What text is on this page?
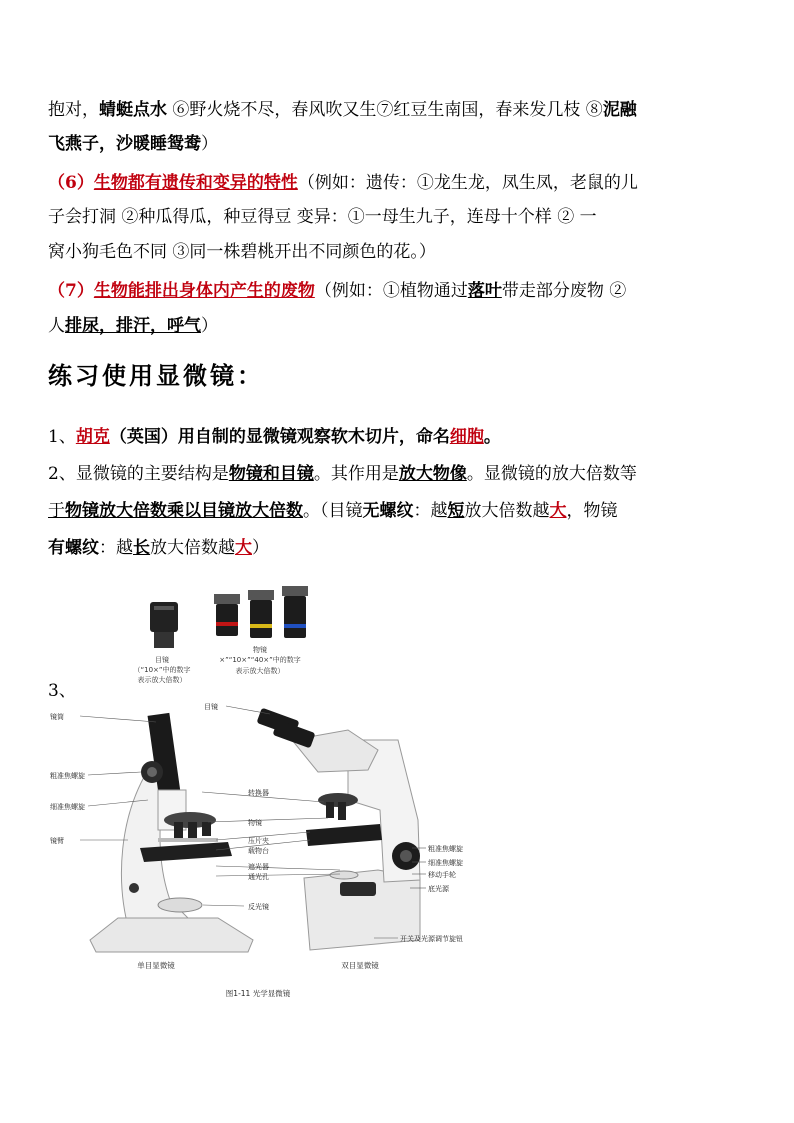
抱对，蜻蜓点水 ⑥野火烧不尽，春风吹又生⑦红豆生南国，春来发几枝 ⑧泥融
飞燕子，沙暖睡鸳鸯）
（6）生物都有遗传和变异的特性（例如：遗传：①龙生龙，凤生凤，老鼠的儿
子会打洞 ②种瓜得瓜，种豆得豆 变异：①一母生九子，连母十个样 ② 一
窝小狗毛色不同 ③同一株碧桃开出不同颜色的花。）
（7）生物能排出身体内产生的废物（例如：①植物通过落叶带走部分废物 ②
人排尿，排汗，呼气）
练习使用显微镜：
1、胡克（英国）用自制的显微镜观察软木切片，命名细胞。
2、显微镜的主要结构是物镜和目镜。其作用是放大物像。显微镜的放大倍数等
于物镜放大倍数乘以目镜放大倍数。（目镜无螺纹：越短放大倍数越大，物镜
有螺纹：越长放大倍数越大）
3、
目镜
（“10×”中的数字
表示放大倍数）
物镜
×”“10×”“40×”中的数字
表示放大倍数）
镜筒
粗准焦螺旋
细准焦螺旋
镜臂
目镜
转换器
物镜
压片夹
载物台
遮光器
通光孔
反光镜
粗准焦螺旋
细准焦螺旋
移动手轮
底光源
开关及光源调节旋钮
单目显微镜	双目显微镜
图1-11 光学显微镜
